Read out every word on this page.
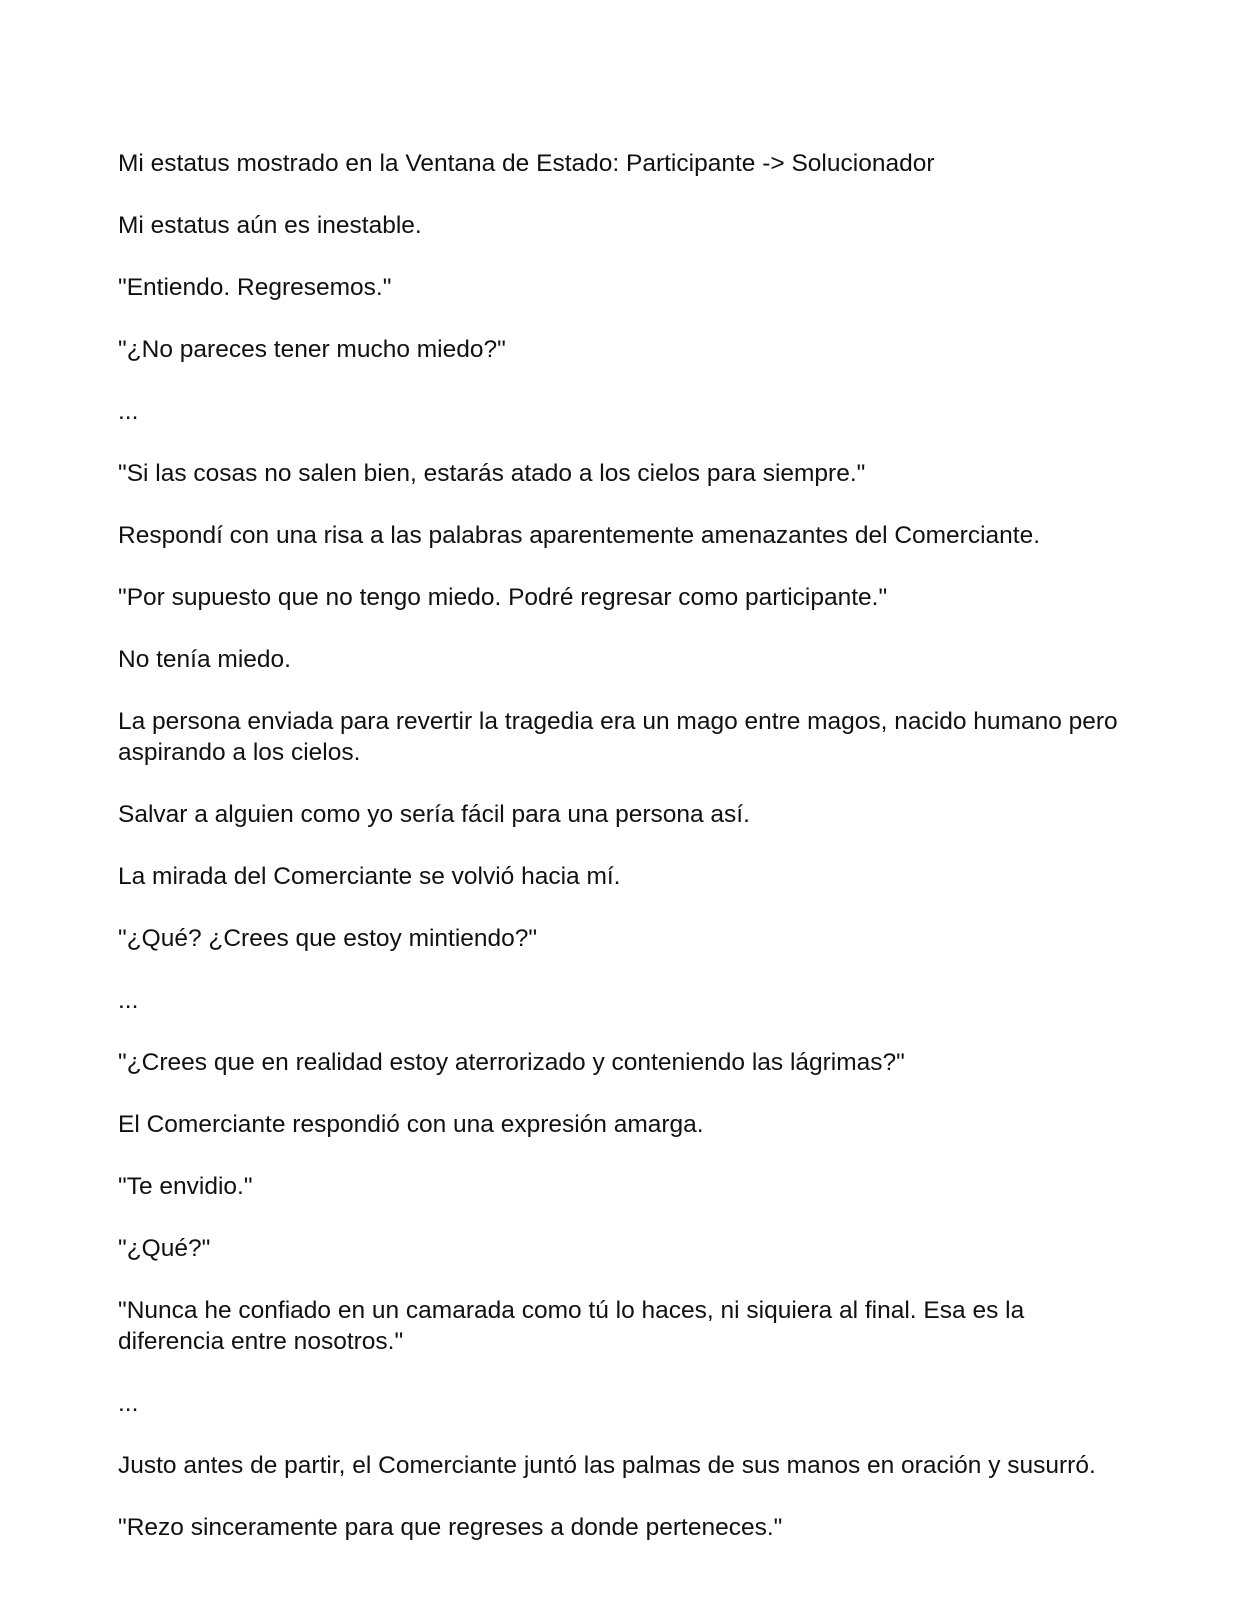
Mi estatus mostrado en la Ventana de Estado: Participante -> Solucionador

Mi estatus aún es inestable.

"Entiendo. Regresemos."

"¿No pareces tener mucho miedo?"

...

"Si las cosas no salen bien, estarás atado a los cielos para siempre."

Respondí con una risa a las palabras aparentemente amenazantes del Comerciante.

"Por supuesto que no tengo miedo. Podré regresar como participante."

No tenía miedo.

La persona enviada para revertir la tragedia era un mago entre magos, nacido humano pero aspirando a los cielos.

Salvar a alguien como yo sería fácil para una persona así.

La mirada del Comerciante se volvió hacia mí.

"¿Qué? ¿Crees que estoy mintiendo?"

...

"¿Crees que en realidad estoy aterrorizado y conteniendo las lágrimas?"

El Comerciante respondió con una expresión amarga.

"Te envidio."

"¿Qué?"

"Nunca he confiado en un camarada como tú lo haces, ni siquiera al final. Esa es la diferencia entre nosotros."

...

Justo antes de partir, el Comerciante juntó las palmas de sus manos en oración y susurró.

"Rezo sinceramente para que regreses a donde perteneces."
